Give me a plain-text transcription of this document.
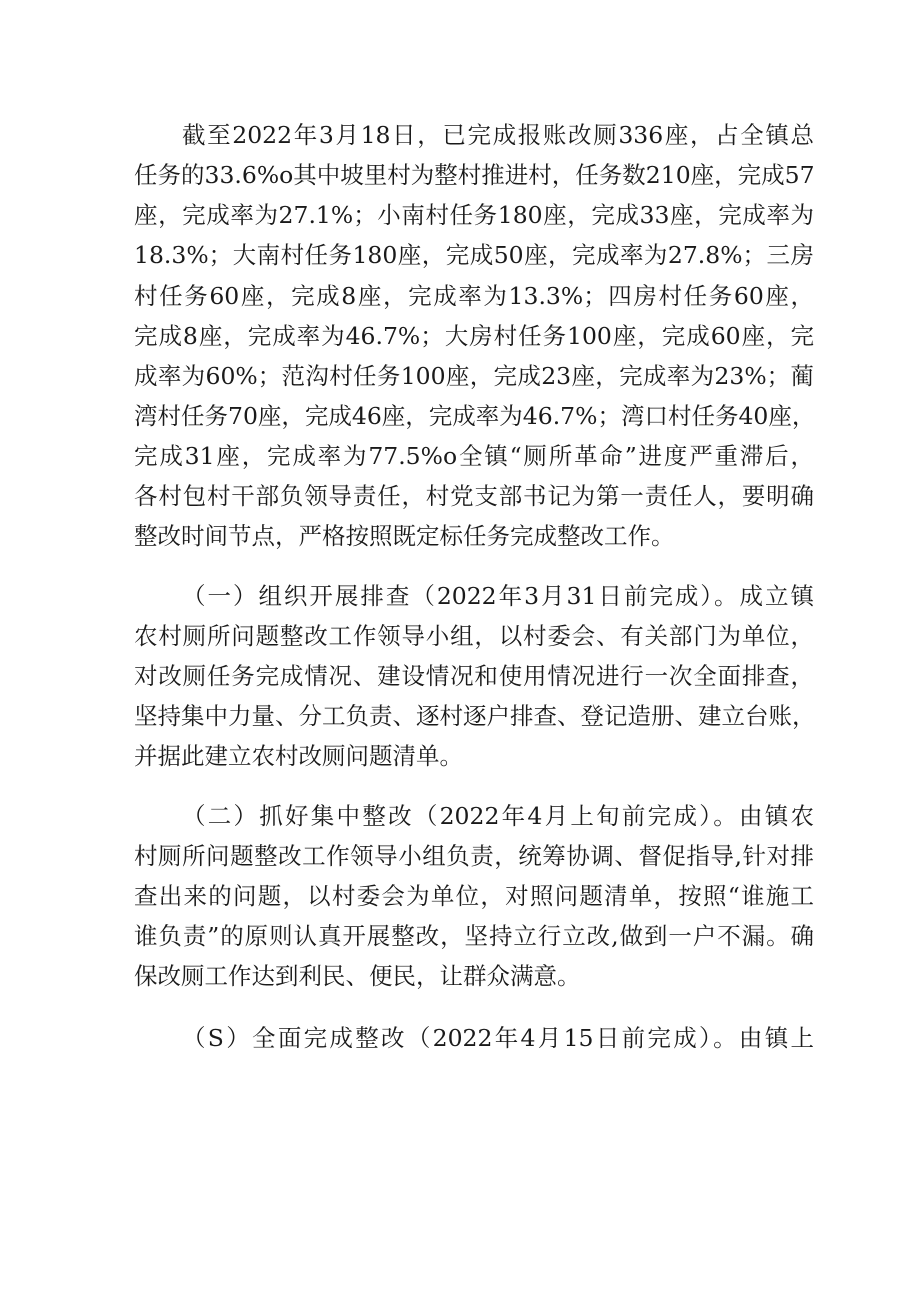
截至2022年3月18日，已完成报账改厕336座，占全镇总
任务的33.6%o其中坡里村为整村推进村，任务数210座，完成57
座，完成率为27.1%；小南村任务180座，完成33座，完成率为
18.3%；大南村任务180座，完成50座，完成率为27.8%；三房
村任务60座，完成8座，完成率为13.3%；四房村任务60座，
完成8座，完成率为46.7%；大房村任务100座，完成60座，完
成率为60%；范沟村任务100座，完成23座，完成率为23%；蔺
湾村任务70座，完成46座，完成率为46.7%；湾口村任务40座，
完成31座，完成率为77.5%o全镇“厕所革命”进度严重滞后，
各村包村干部负领导责任，村党支部书记为第一责任人，要明确
整改时间节点，严格按照既定标任务完成整改工作。
（一）组织开展排查（2022年3月31日前完成）。成立镇
农村厕所问题整改工作领导小组，以村委会、有关部门为单位，
对改厕任务完成情况、建设情况和使用情况进行一次全面排查，
坚持集中力量、分工负责、逐村逐户排查、登记造册、建立台账，
并据此建立农村改厕问题清单。
（二）抓好集中整改（2022年4月上旬前完成）。由镇农
村厕所问题整改工作领导小组负责，统筹协调、督促指导,针对排
查出来的问题，以村委会为单位，对照问题清单，按照“谁施工
谁负责”的原则认真开展整改，坚持立行立改,做到一户不漏。确
保改厕工作达到利民、便民，让群众满意。
（S）全面完成整改（2022年4月15日前完成）。由镇上
